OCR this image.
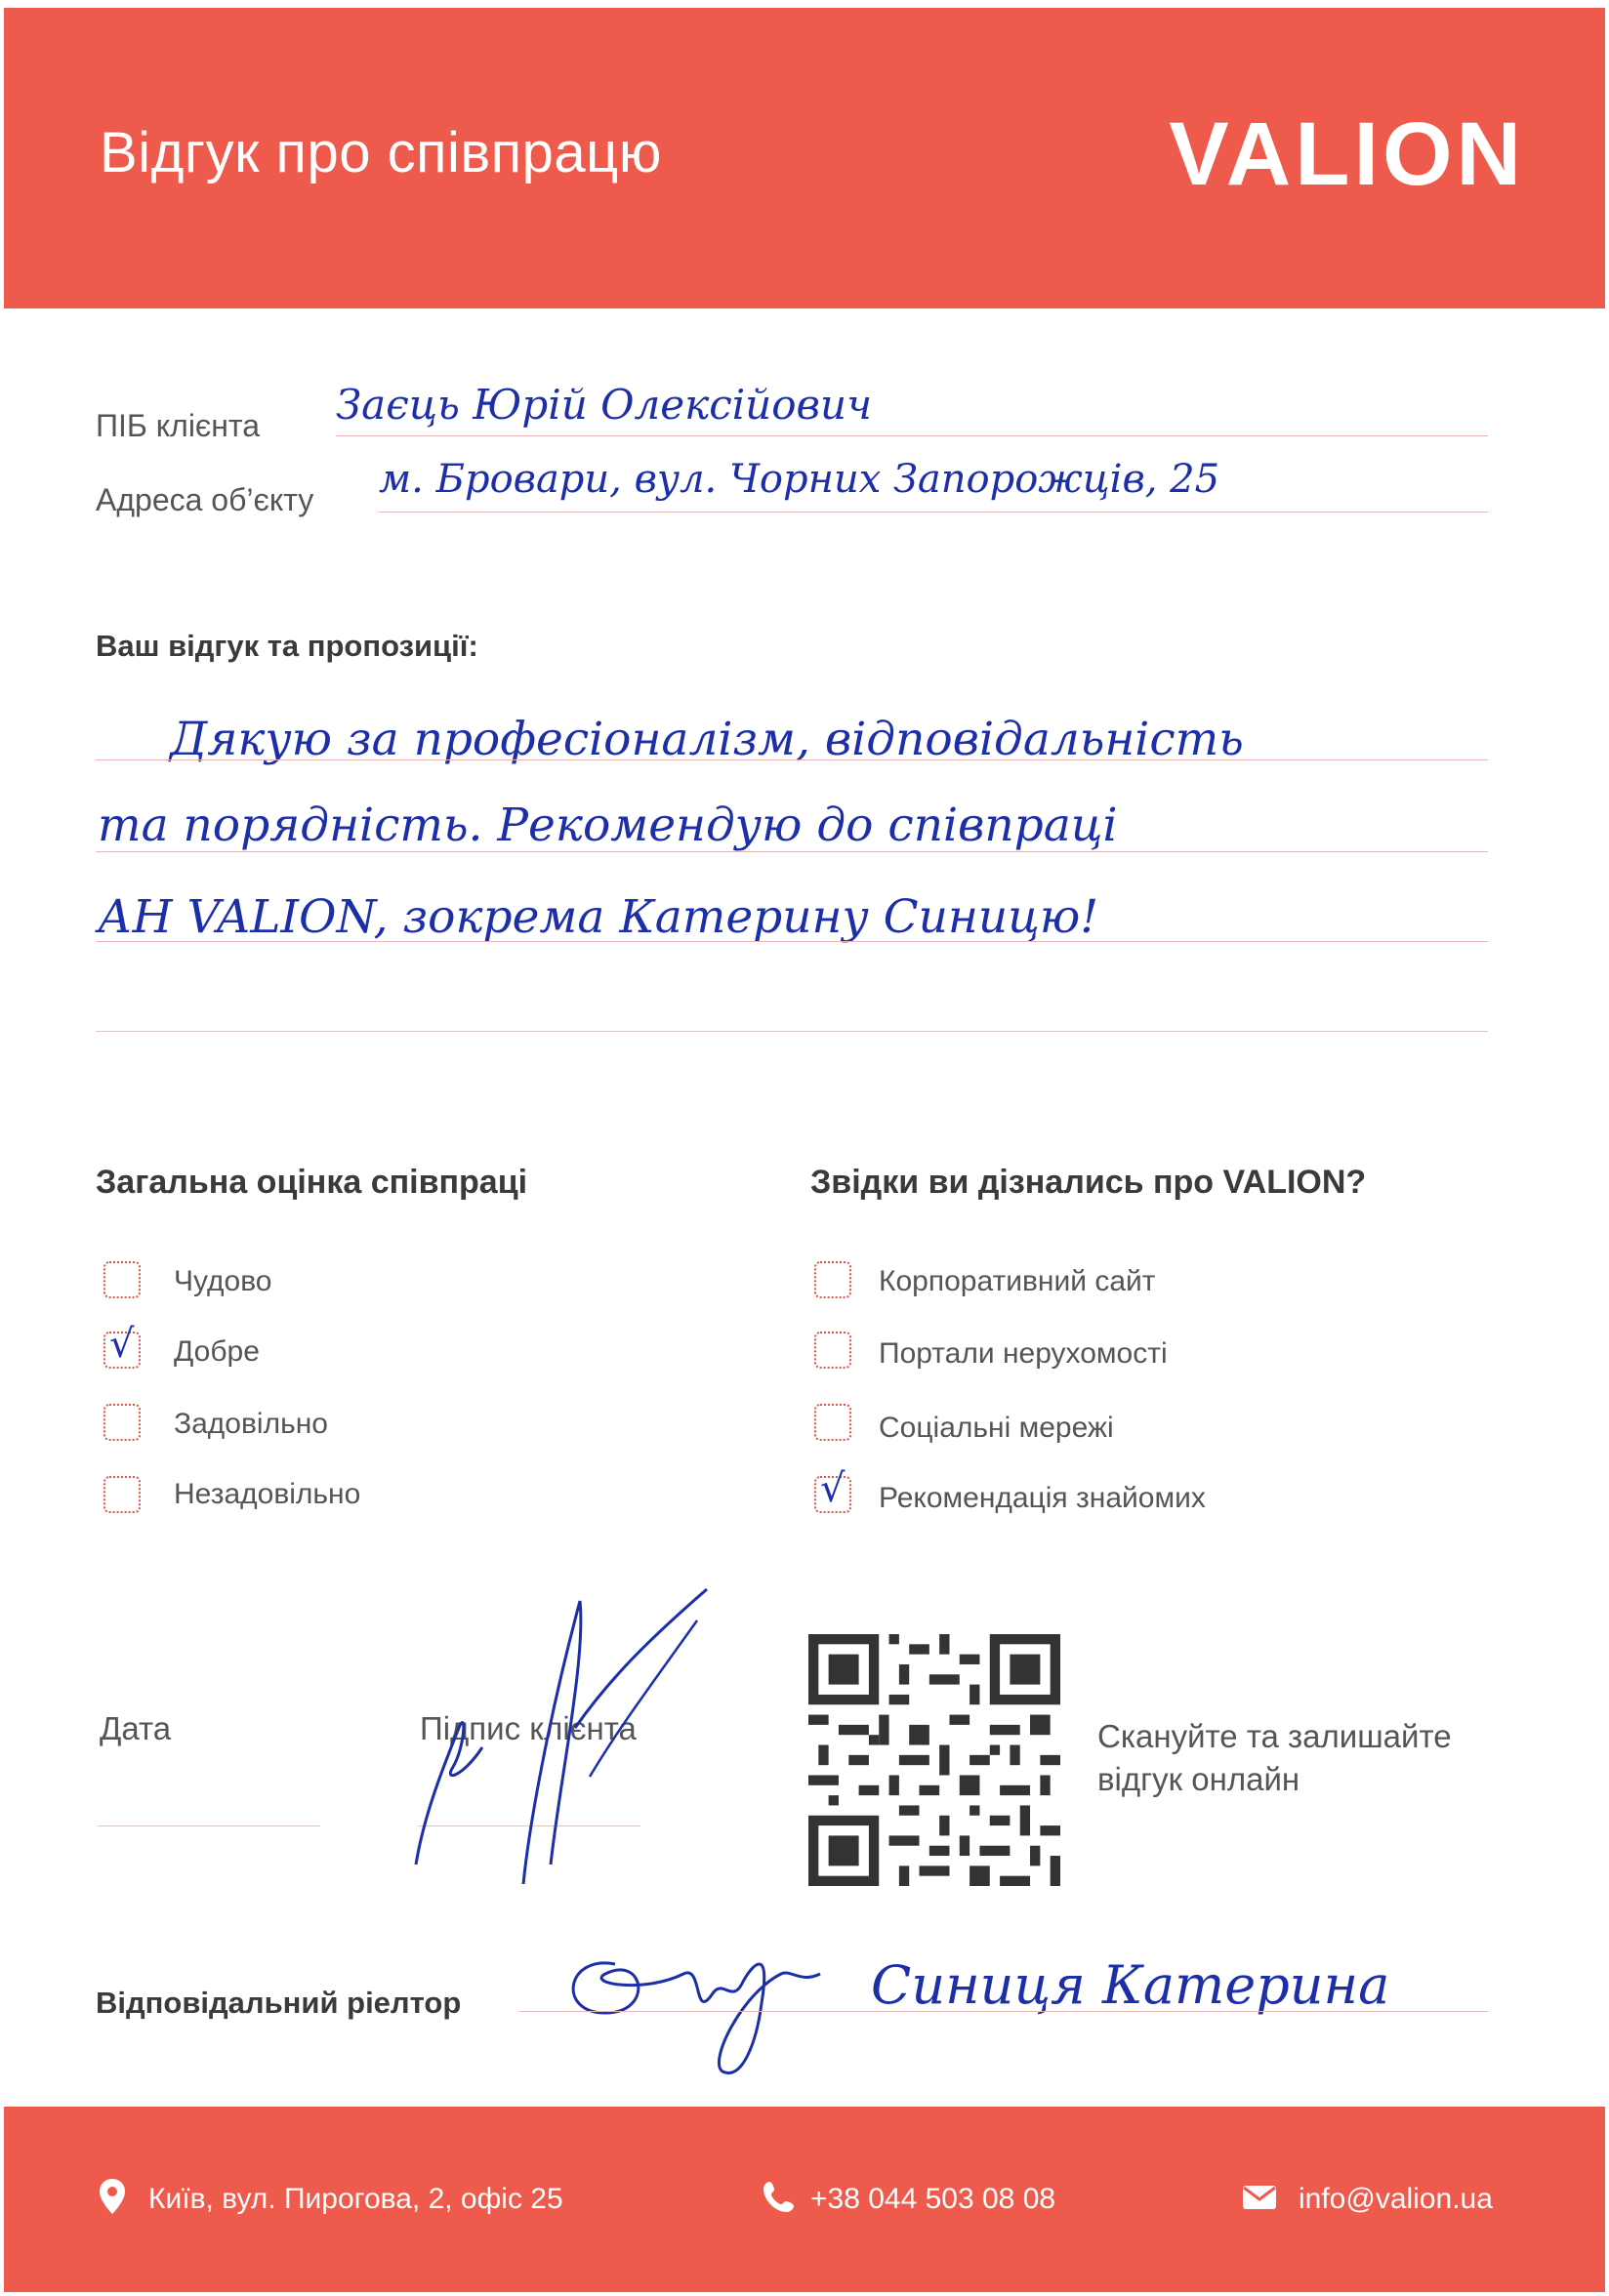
Відгук про співпрацю	VALION
ПІБ клієнта Заєць Юрій Олексійович
Адреса об’єкту м. Бровари, вул. Чорних Запорожців, 25
Ваш відгук та пропозиції:
Дякую за професіоналізм, відповідальність
та порядність. Рекомендую до співпраці
АН VALION, зокрема Катерину Синицю!
Загальна оцінка співпраці
Чудово
√ Добре
Задовільно
Незадовільно
Звідки ви дізнались про VALION?
Корпоративний сайт
Портали нерухомості
Соціальні мережі
√ Рекомендація знайомих
Дата	Підпис клієнта	Скануйте та залишайте
відгук онлайн
Відповідальний ріелтор	Синиця Катерина
Київ, вул. Пирогова, 2, офіс 25	+38 044 503 08 08	info@valion.ua
